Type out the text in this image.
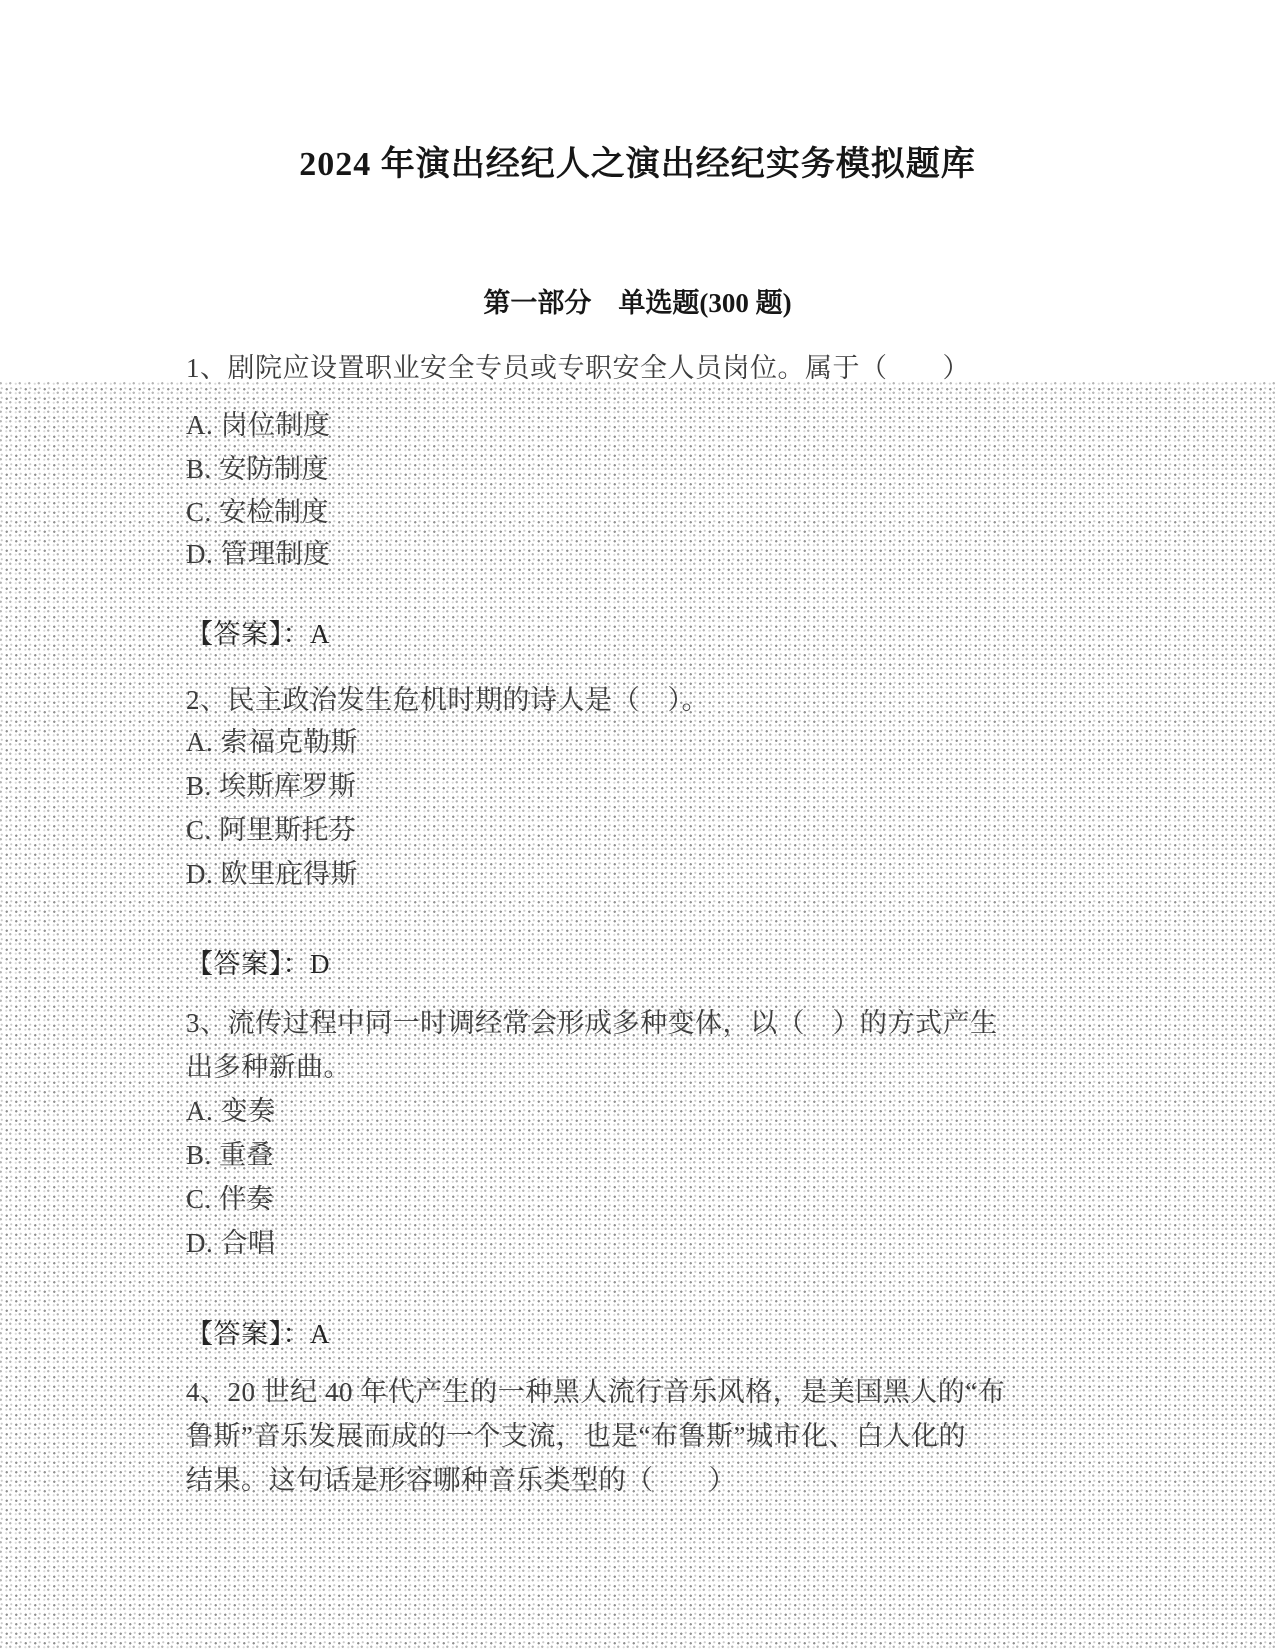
2024 年演出经纪人之演出经纪实务模拟题库
第一部分　单选题(300 题)
1、剧院应设置职业安全专员或专职安全人员岗位。属于（　　）
A. 岗位制度
B. 安防制度
C. 安检制度
D. 管理制度
【答案】：A
2、民主政治发生危机时期的诗人是（　）。
A. 索福克勒斯
B. 埃斯库罗斯
C. 阿里斯托芬
D. 欧里庇得斯
【答案】：D
3、流传过程中同一时调经常会形成多种变体，以（　）的方式产生
出多种新曲。
A. 变奏
B. 重叠
C. 伴奏
D. 合唱
【答案】：A
4、20 世纪 40 年代产生的一种黑人流行音乐风格，是美国黑人的“布
鲁斯”音乐发展而成的一个支流，也是“布鲁斯”城市化、白人化的
结果。这句话是形容哪种音乐类型的（　　）
